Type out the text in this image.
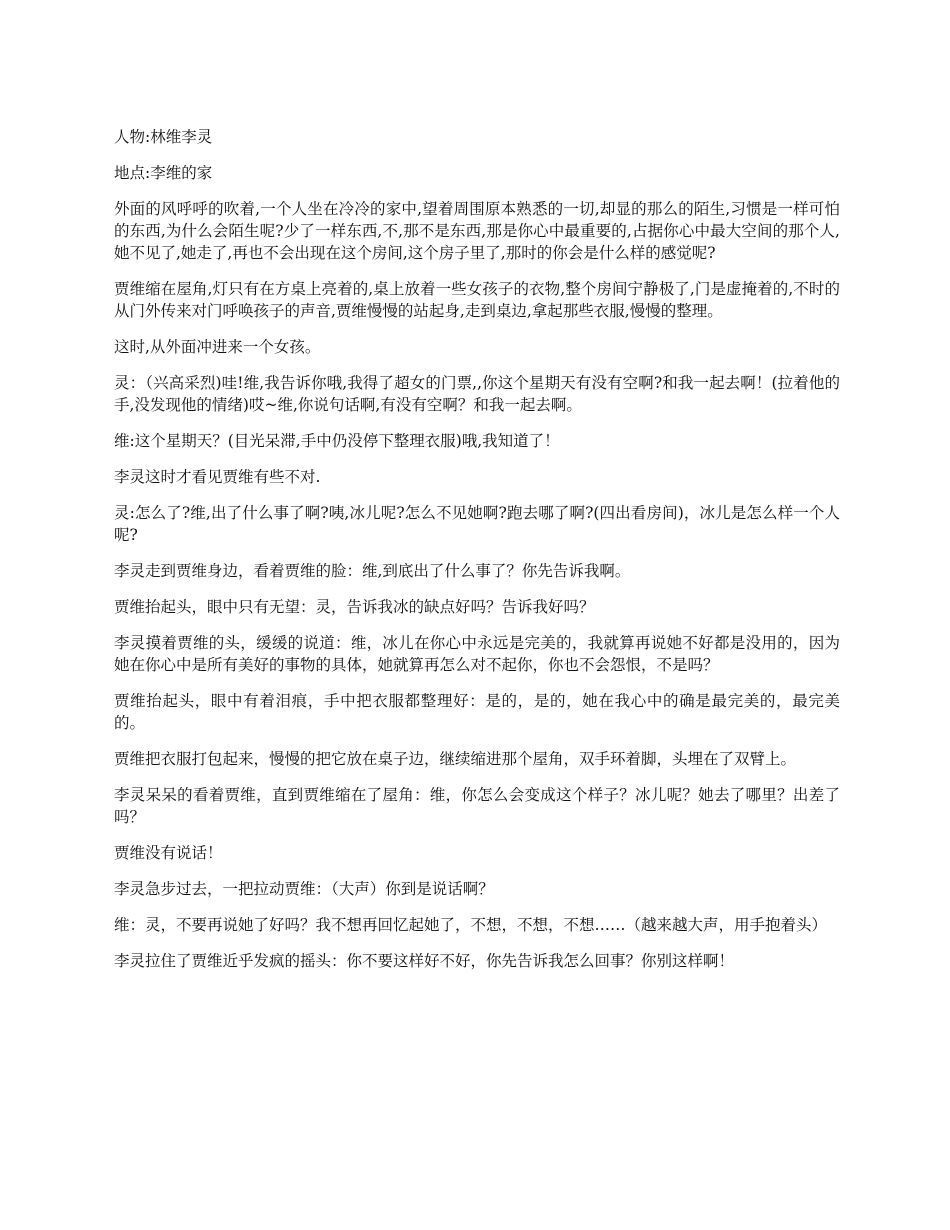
人物:林维李灵

地点:李维的家

外面的风呼呼的吹着,一个人坐在冷冷的家中,望着周围原本熟悉的一切,却显的那么的陌生,习惯是一样可怕的东西,为什么会陌生呢?少了一样东西,不,那不是东西,那是你心中最重要的,占据你心中最大空间的那个人,她不见了,她走了,再也不会出现在这个房间,这个房子里了,那时的你会是什么样的感觉呢?

贾维缩在屋角,灯只有在方桌上亮着的,桌上放着一些女孩子的衣物,整个房间宁静极了,门是虚掩着的,不时的从门外传来对门呼唤孩子的声音,贾维慢慢的站起身,走到桌边,拿起那些衣服,慢慢的整理。

这时,从外面冲进来一个女孩。

灵：（兴高采烈)哇!维,我告诉你哦,我得了超女的门票,,你这个星期天有没有空啊?和我一起去啊！(拉着他的手,没发现他的情绪)哎~维,你说句话啊,有没有空啊？和我一起去啊。

维:这个星期天？(目光呆滞,手中仍没停下整理衣服)哦,我知道了！

李灵这时才看见贾维有些不对.

灵:怎么了?维,出了什么事了啊?咦,冰儿呢?怎么不见她啊?跑去哪了啊?(四出看房间)，冰儿是怎么样一个人呢?

李灵走到贾维身边，看着贾维的脸：维,到底出了什么事了？你先告诉我啊。

贾维抬起头，眼中只有无望：灵，告诉我冰的缺点好吗？告诉我好吗？

李灵摸着贾维的头，缓缓的说道：维，冰儿在你心中永远是完美的，我就算再说她不好都是没用的，因为她在你心中是所有美好的事物的具体，她就算再怎么对不起你，你也不会怨恨，不是吗？

贾维抬起头，眼中有着泪痕，手中把衣服都整理好：是的，是的，她在我心中的确是最完美的，最完美的。

贾维把衣服打包起来，慢慢的把它放在桌子边，继续缩进那个屋角，双手环着脚，头埋在了双臂上。

李灵呆呆的看着贾维，直到贾维缩在了屋角：维，你怎么会变成这个样子？冰儿呢？她去了哪里？出差了吗？

贾维没有说话！

李灵急步过去，一把拉动贾维：（大声）你到是说话啊？

维：灵，不要再说她了好吗？我不想再回忆起她了，不想，不想，不想……（越来越大声，用手抱着头）

李灵拉住了贾维近乎发疯的摇头：你不要这样好不好，你先告诉我怎么回事？你别这样啊！
